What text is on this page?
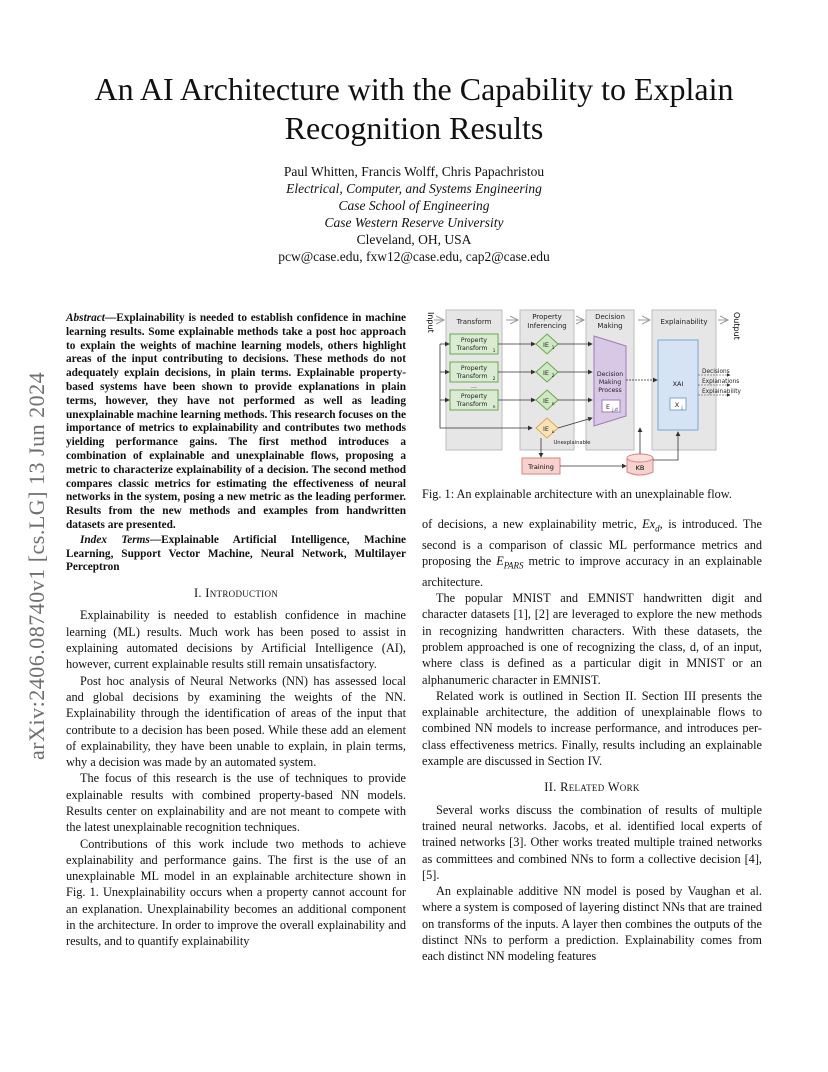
An AI Architecture with the Capability to Explain Recognition Results
Paul Whitten, Francis Wolff, Chris Papachristou
Electrical, Computer, and Systems Engineering
Case School of Engineering
Case Western Reserve University
Cleveland, OH, USA
pcw@case.edu, fxw12@case.edu, cap2@case.edu
arXiv:2406.08740v1 [cs.LG] 13 Jun 2024
Abstract—Explainability is needed to establish confidence in machine learning results. Some explainable methods take a post hoc approach to explain the weights of machine learning models, others highlight areas of the input contributing to decisions. These methods do not adequately explain decisions, in plain terms. Explainable property-based systems have been shown to provide explanations in plain terms, however, they have not performed as well as leading unexplainable machine learning methods. This research focuses on the importance of metrics to explainability and contributes two methods yielding performance gains. The first method introduces a combination of explainable and unexplainable flows, proposing a metric to characterize explainability of a decision. The second method compares classic metrics for estimating the effectiveness of neural networks in the system, posing a new metric as the leading performer. Results from the new methods and examples from handwritten datasets are presented.
Index Terms—Explainable Artificial Intelligence, Machine Learning, Support Vector Machine, Neural Network, Multilayer Perceptron
I. Introduction

Explainability is needed to establish confidence in machine learning (ML) results. Much work has been posed to assist in explaining automated decisions by Artificial Intelligence (AI), however, current explainable results still remain unsatisfactory.

Post hoc analysis of Neural Networks (NN) has assessed local and global decisions by examining the weights of the NN. Explainability through the identification of areas of the input that contribute to a decision has been posed. While these add an element of explainability, they have been unable to explain, in plain terms, why a decision was made by an automated system.

The focus of this research is the use of techniques to provide explainable results with combined property-based NN models. Results center on explainability and are not meant to compete with the latest unexplainable recognition techniques.

Contributions of this work include two methods to achieve explainability and performance gains. The first is the use of an unexplainable ML model in an explainable architecture shown in Fig. 1. Unexplainability occurs when a property cannot account for an explanation. Unexplainability becomes an additional component in the architecture. In order to improve the overall explainability and results, and to quantify explainability

Input	Output
Transform
Property
Inferencing
Decision
Making	Explainability
Property
Transform 1
Property
Transform 2
...
Property
Transform n
IE 1
IE 2
IE n
IE u
Unexplainable
Decision
Making
Process
E j,d
XAI
X j
Decisions
Explanations
Explainability
Training	KB
Fig. 1: An explainable architecture with an unexplainable flow.

of decisions, a new explainability metric, $Ex_d$, is introduced. The second is a comparison of classic ML performance metrics and proposing the $E_{PARS}$ metric to improve accuracy in an explainable architecture.

The popular MNIST and EMNIST handwritten digit and character datasets [1], [2] are leveraged to explore the new methods in recognizing handwritten characters. With these datasets, the problem approached is one of recognizing the class, d, of an input, where class is defined as a particular digit in MNIST or an alphanumeric character in EMNIST.

Related work is outlined in Section II. Section III presents the explainable architecture, the addition of unexplainable flows to combined NN models to increase performance, and introduces per-class effectiveness metrics. Finally, results including an explainable example are discussed in Section IV.

II. Related Work

Several works discuss the combination of results of multiple trained neural networks. Jacobs, et al. identified local experts of trained networks [3]. Other works treated multiple trained networks as committees and combined NNs to form a collective decision [4], [5].

An explainable additive NN model is posed by Vaughan et al. where a system is composed of layering distinct NNs that are trained on transforms of the inputs. A layer then combines the outputs of the distinct NNs to perform a prediction. Explainability comes from each distinct NN modeling features
